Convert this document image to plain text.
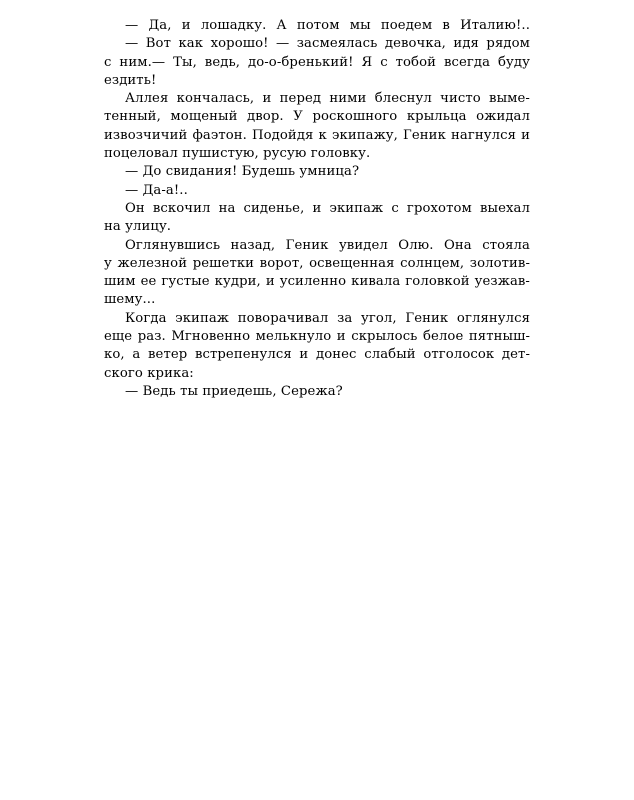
— Да, и лошадку. А потом мы поедем в Италию!..
— Вот как хорошо! — засмеялась девочка, идя рядом
с ним.— Ты, ведь, до-о-бренький! Я с тобой всегда буду
ездить!
Аллея кончалась, и перед ними блеснул чисто выме-
тенный, мощеный двор. У роскошного крыльца ожидал
извозчичий фаэтон. Подойдя к экипажу, Геник нагнулся и
поцеловал пушистую, русую головку.
— До свидания! Будешь умница?
— Да-а!..
Он вскочил на сиденье, и экипаж с грохотом выехал
на улицу.
Оглянувшись назад, Геник увидел Олю. Она стояла
у железной решетки ворот, освещенная солнцем, золотив-
шим ее густые кудри, и усиленно кивала головкой уезжав-
шему...
Когда экипаж поворачивал за угол, Геник оглянулся
еще раз. Мгновенно мелькнуло и скрылось белое пятныш-
ко, а ветер встрепенулся и донес слабый отголосок дет-
ского крика:
— Ведь ты приедешь, Сережа?
